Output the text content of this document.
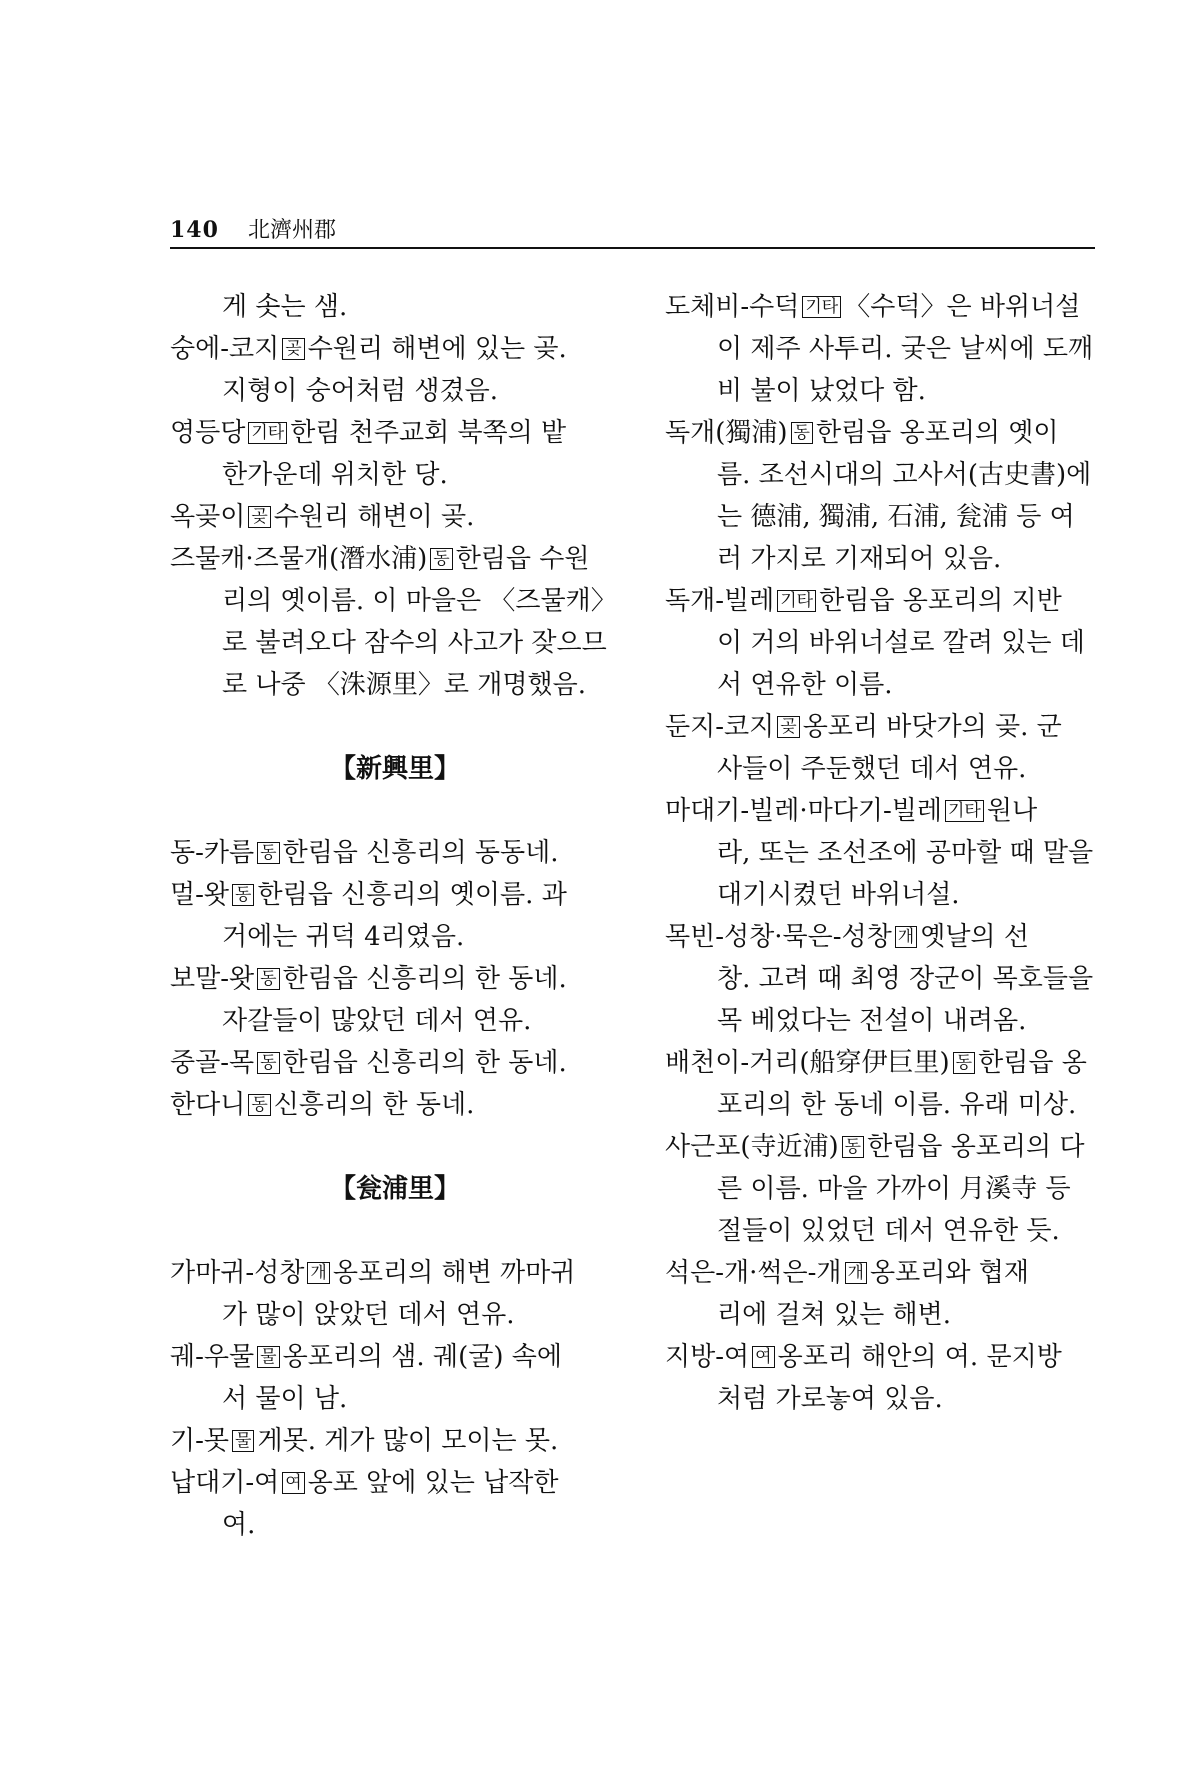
140 北濟州郡
게 솟는 샘.
숭에-코지 곶 수원리 해변에 있는 곶.
지형이 숭어처럼 생겼음.
영등당 기타 한림 천주교회 북쪽의 밭
한가운데 위치한 당.
옥곶이 곶 수원리 해변이 곶.
즈물캐·즈물개(潛水浦) 동 한림읍 수원
리의 옛이름. 이 마을은 〈즈물캐〉
로 불려오다 잠수의 사고가 잦으므
로 나중 〈洙源里〉로 개명했음.
【新興里】
동-카름 동 한림읍 신흥리의 동동네.
멀-왓 동 한림읍 신흥리의 옛이름. 과
거에는 귀덕 4리였음.
보말-왓 동 한림읍 신흥리의 한 동네.
자갈들이 많았던 데서 연유.
중골-목 동 한림읍 신흥리의 한 동네.
한다니 동 신흥리의 한 동네.
【瓮浦里】
가마귀-성창 개 옹포리의 해변 까마귀
가 많이 앉았던 데서 연유.
궤-우물 물 옹포리의 샘. 궤(굴) 속에
서 물이 남.
기-못 물 게못. 게가 많이 모이는 못.
납대기-여 여 옹포 앞에 있는 납작한
여.
도체비-수덕 기타 〈수덕〉은 바위너설
이 제주 사투리. 궂은 날씨에 도깨
비 불이 났었다 함.
독개(獨浦) 동 한림읍 옹포리의 옛이
름. 조선시대의 고사서(古史書)에
는 德浦, 獨浦, 石浦, 瓮浦 등 여
러 가지로 기재되어 있음.
독개-빌레 기타 한림읍 옹포리의 지반
이 거의 바위너설로 깔려 있는 데
서 연유한 이름.
둔지-코지 곶 옹포리 바닷가의 곶. 군
사들이 주둔했던 데서 연유.
마대기-빌레·마다기-빌레 기타 원나
라, 또는 조선조에 공마할 때 말을
대기시켰던 바위너설.
목빈-성창·묵은-성창 개 옛날의 선
창. 고려 때 최영 장군이 목호들을
목 베었다는 전설이 내려옴.
배천이-거리(船穿伊巨里) 동 한림읍 옹
포리의 한 동네 이름. 유래 미상.
사근포(寺近浦) 동 한림읍 옹포리의 다
른 이름. 마을 가까이 月溪寺 등
절들이 있었던 데서 연유한 듯.
석은-개·썩은-개 개 옹포리와 협재
리에 걸쳐 있는 해변.
지방-여 여 옹포리 해안의 여. 문지방
처럼 가로놓여 있음.
